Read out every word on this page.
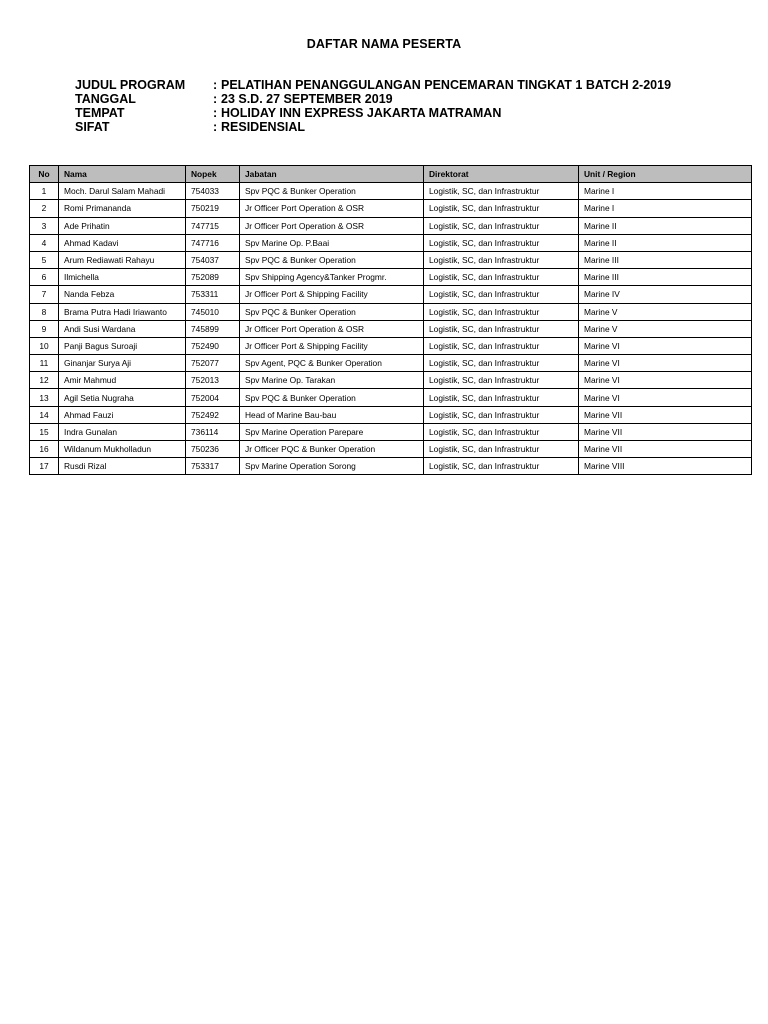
DAFTAR NAMA PESERTA
JUDUL PROGRAM	: PELATIHAN PENANGGULANGAN PENCEMARAN TINGKAT 1 BATCH 2-2019
TANGGAL	: 23 S.D. 27 SEPTEMBER 2019
TEMPAT	: HOLIDAY INN EXPRESS JAKARTA MATRAMAN
SIFAT	: RESIDENSIAL
No	Nama	Nopek	Jabatan	Direktorat	Unit / Region
1	Moch. Darul Salam Mahadi	754033	Spv PQC & Bunker Operation	Logistik, SC, dan Infrastruktur	Marine I
2	Romi Primananda	750219	Jr Officer Port Operation & OSR	Logistik, SC, dan Infrastruktur	Marine I
3	Ade Prihatin	747715	Jr Officer Port Operation & OSR	Logistik, SC, dan Infrastruktur	Marine II
4	Ahmad Kadavi	747716	Spv Marine Op. P.Baai	Logistik, SC, dan Infrastruktur	Marine II
5	Arum Rediawati Rahayu	754037	Spv PQC & Bunker Operation	Logistik, SC, dan Infrastruktur	Marine III
6	Ilmichella	752089	Spv Shipping Agency&Tanker Progmr.	Logistik, SC, dan Infrastruktur	Marine III
7	Nanda Febza	753311	Jr Officer Port & Shipping Facility	Logistik, SC, dan Infrastruktur	Marine IV
8	Brama Putra Hadi Iriawanto	745010	Spv PQC & Bunker Operation	Logistik, SC, dan Infrastruktur	Marine V
9	Andi Susi Wardana	745899	Jr Officer Port Operation & OSR	Logistik, SC, dan Infrastruktur	Marine V
10	Panji Bagus Suroaji	752490	Jr Officer Port & Shipping Facility	Logistik, SC, dan Infrastruktur	Marine VI
11	Ginanjar Surya Aji	752077	Spv Agent, PQC & Bunker Operation	Logistik, SC, dan Infrastruktur	Marine VI
12	Amir Mahmud	752013	Spv Marine Op. Tarakan	Logistik, SC, dan Infrastruktur	Marine VI
13	Agil Setia Nugraha	752004	Spv PQC & Bunker Operation	Logistik, SC, dan Infrastruktur	Marine VI
14	Ahmad Fauzi	752492	Head of Marine Bau-bau	Logistik, SC, dan Infrastruktur	Marine VII
15	Indra Gunalan	736114	Spv Marine Operation Parepare	Logistik, SC, dan Infrastruktur	Marine VII
16	Wildanum Mukholladun	750236	Jr Officer PQC & Bunker Operation	Logistik, SC, dan Infrastruktur	Marine VII
17	Rusdi Rizal	753317	Spv Marine Operation Sorong	Logistik, SC, dan Infrastruktur	Marine VIII
